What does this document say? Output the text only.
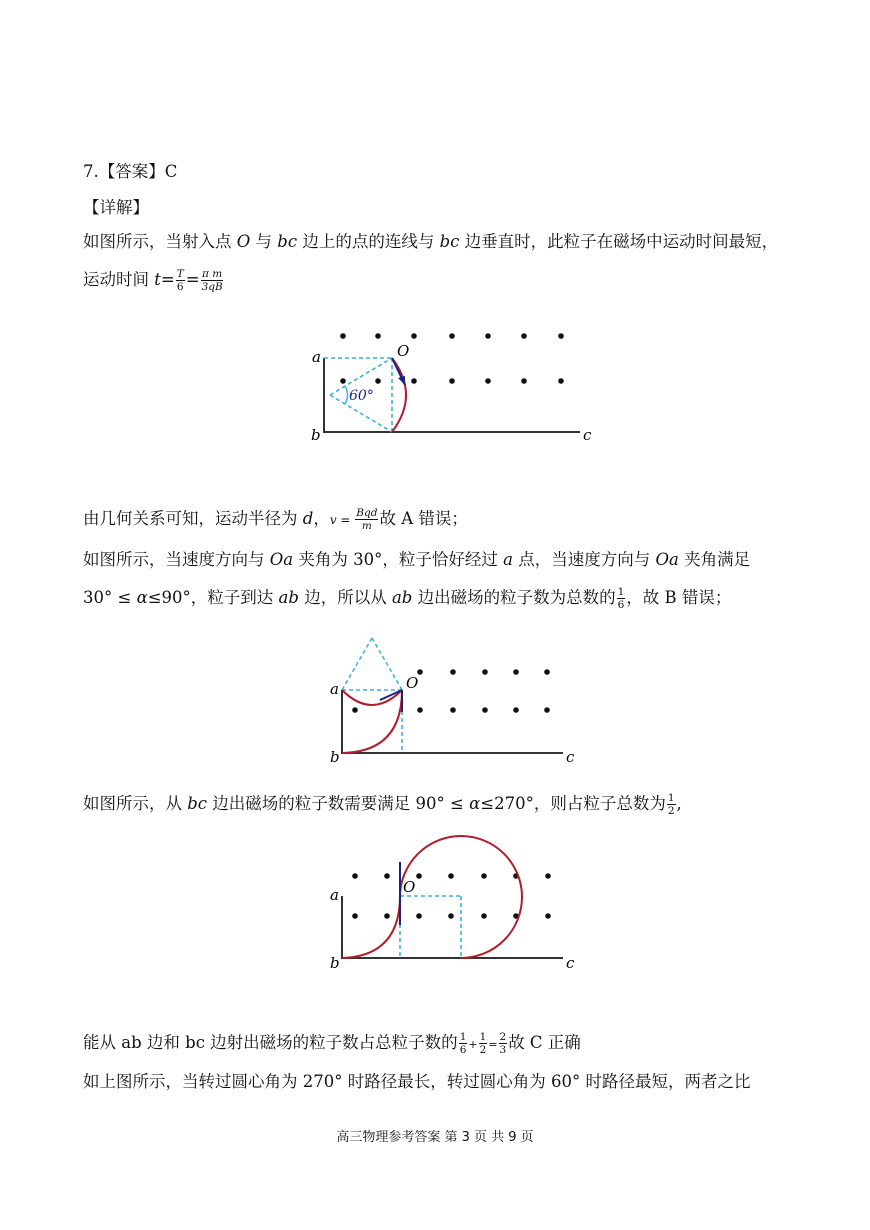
7.【答案】C
【详解】
如图所示，当射入点 O 与 bc 边上的点的连线与 bc 边垂直时，此粒子在磁场中运动时间最短，
运动时间 $t= \frac{T}{6} = \frac{\text{π m}}{3qB}$
60°
a
b	c
O
a
b	c
O
a
b	c
O
由几何关系可知，运动半径为 d，$v = \frac{\text{Bqd}}{m}$ 故 A 错误；
如图所示，当速度方向与 Oa 夹角为 30°，粒子恰好经过 a 点，当速度方向与 Oa 夹角满足
30° ≤ α≤90°，粒子到达 ab 边，所以从 ab 边出磁场的粒子数为总数的 $\frac{1}{6}$ ，故 B 错误；
如图所示，从 bc 边出磁场的粒子数需要满足 90° ≤ α≤270°，则占粒子总数为 $\frac{1}{2}$ ,
能从 ab 边和 bc 边射出磁场的粒子数占总粒子数的 $\frac{1}{6} + \frac{1}{2} = \frac{2}{3}$ 故 C 正确
如上图所示，当转过圆心角为 270° 时路径最长，转过圆心角为 60° 时路径最短，两者之比
高三物理参考答案 第 3 页 共 9 页
